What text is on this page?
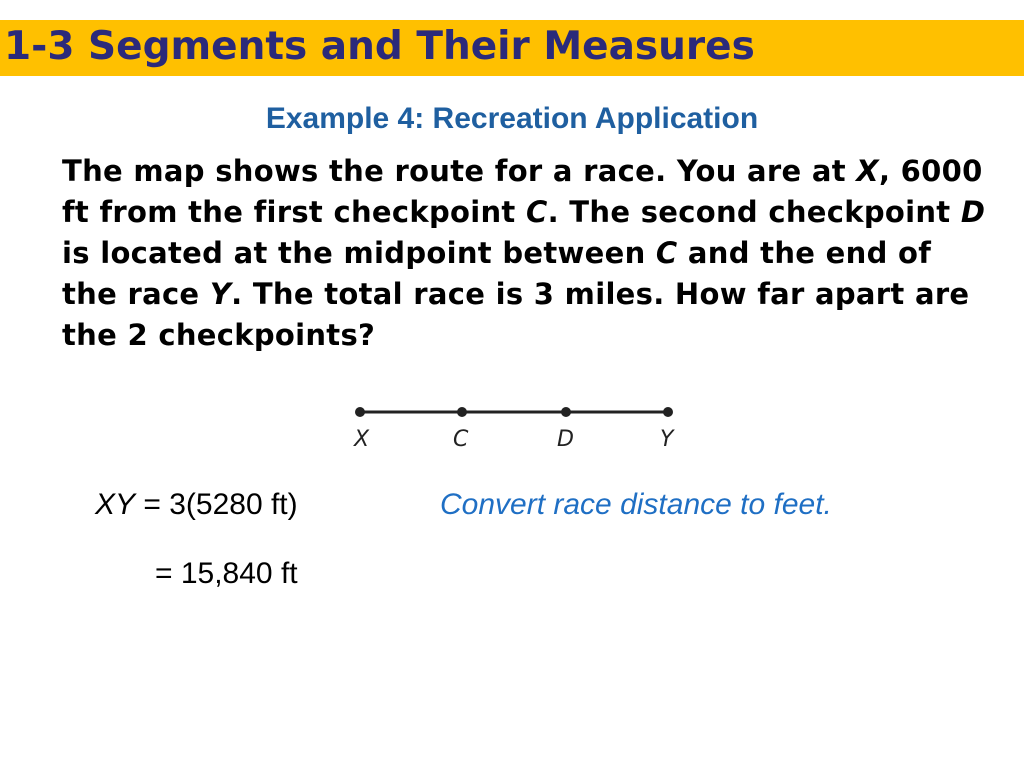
1-3 Segments and Their Measures
Example 4: Recreation Application

The map shows the route for a race. You are at X, 6000 ft from the first checkpoint C. The second checkpoint D is located at the midpoint between C and the end of the race Y. The total race is 3 miles. How far apart are the 2 checkpoints?

X	C	D	Y

XY = 3(5280 ft)	Convert race distance to feet.

= 15,840 ft
